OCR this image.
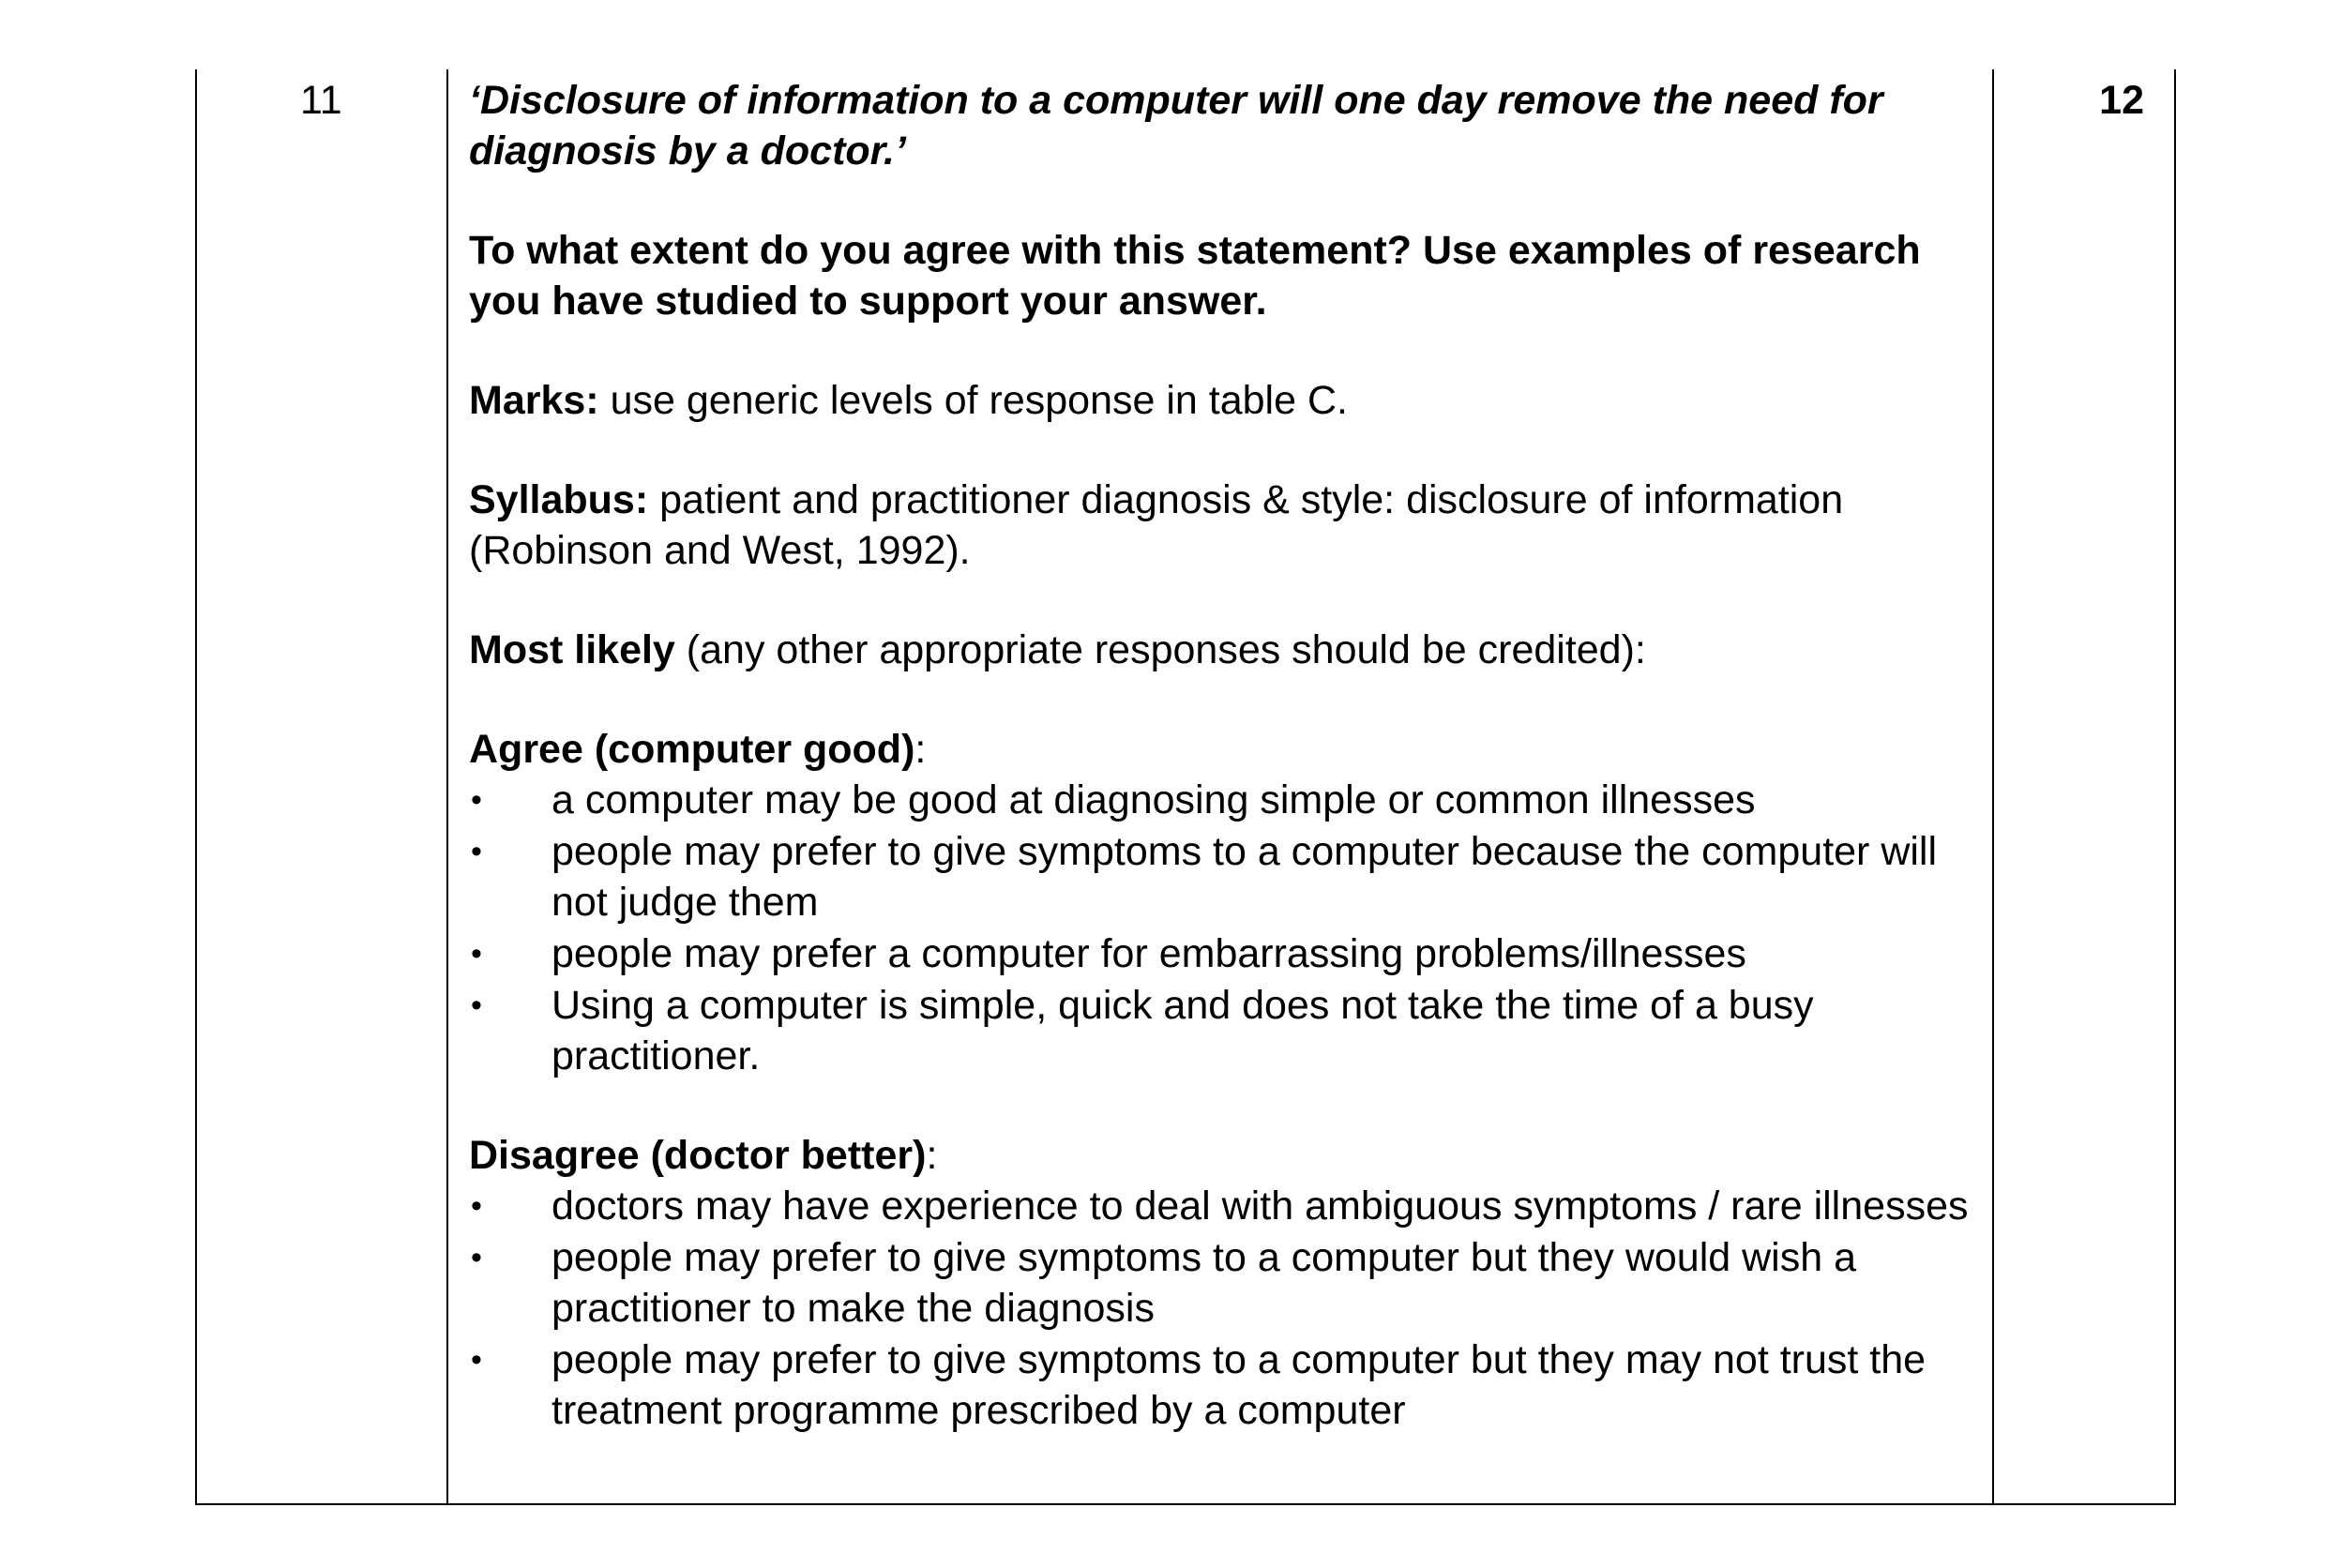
11	‘Disclosure of information to a computer will one day remove the need for diagnosis by a doctor.’

To what extent do you agree with this statement? Use examples of research you have studied to support your answer.

Marks: use generic levels of response in table C.

Syllabus: patient and practitioner diagnosis & style: disclosure of information (Robinson and West, 1992).

Most likely (any other appropriate responses should be credited):

Agree (computer good):
• a computer may be good at diagnosing simple or common illnesses
• people may prefer to give symptoms to a computer because the computer will not judge them
• people may prefer a computer for embarrassing problems/illnesses
• Using a computer is simple, quick and does not take the time of a busy practitioner.
Disagree (doctor better):
• doctors may have experience to deal with ambiguous symptoms / rare illnesses
• people may prefer to give symptoms to a computer but they would wish a practitioner to make the diagnosis
• people may prefer to give symptoms to a computer but they may not trust the treatment programme prescribed by a computer
12
